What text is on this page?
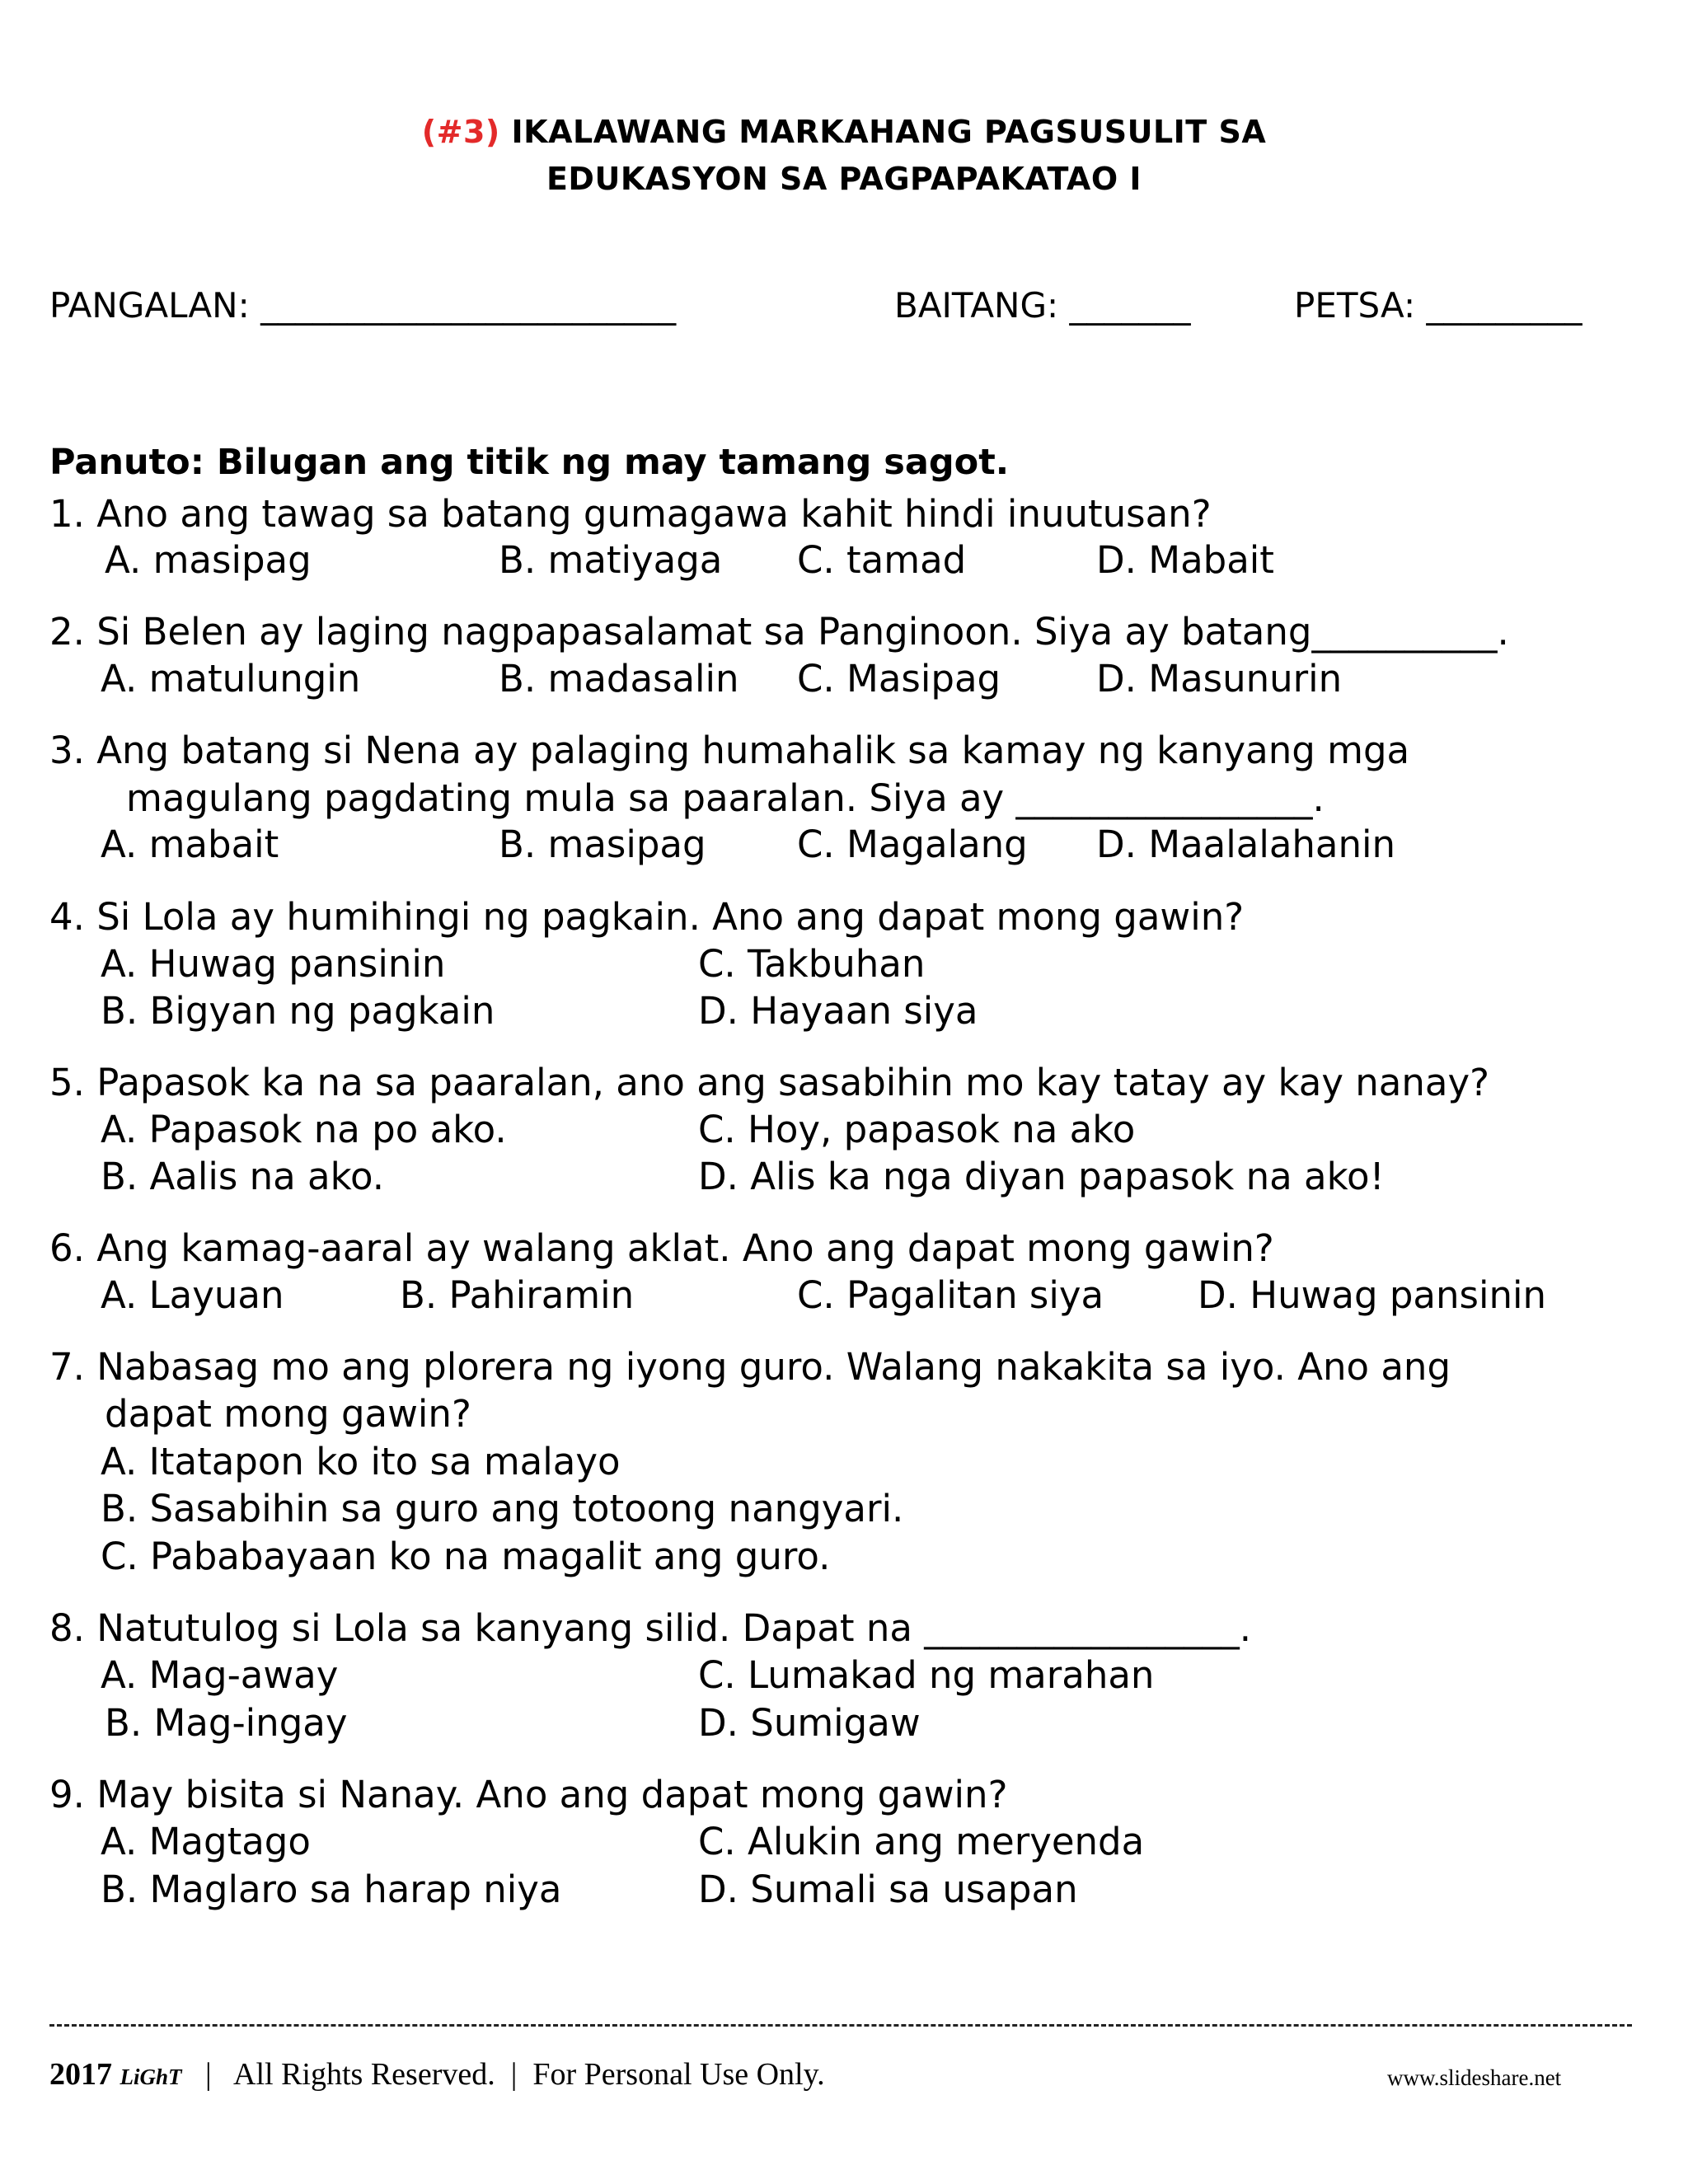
(#3) IKALAWANG MARKAHANG PAGSUSULIT SA
EDUKASYON SA PAGPAPAKATAO I
PANGALAN: ________________________	BAITANG: _______	PETSA: _________
Panuto: Bilugan ang titik ng may tamang sagot.
1. Ano ang tawag sa batang gumagawa kahit hindi inuutusan?
A. masipag	B. matiyaga C. tamad	D. Mabait
2. Si Belen ay laging nagpapasalamat sa Panginoon. Siya ay batang__________.
A. matulungin	B. madasalin C. Masipag	D. Masunurin
3. Ang batang si Nena ay palaging humahalik sa kamay ng kanyang mga
magulang pagdating mula sa paaralan. Siya ay ________________.
A. mabait	B. masipag C. Magalang D. Maalalahanin
4. Si Lola ay humihingi ng pagkain. Ano ang dapat mong gawin?
A. Huwag pansinin	C. Takbuhan
B. Bigyan ng pagkain	D. Hayaan siya
5. Papasok ka na sa paaralan, ano ang sasabihin mo kay tatay ay kay nanay?
A. Papasok na po ako.	C. Hoy, papasok na ako
B. Aalis na ako.	D. Alis ka nga diyan papasok na ako!
6. Ang kamag-aaral ay walang aklat. Ano ang dapat mong gawin?
A. Layuan	B. Pahiramin	C. Pagalitan siya	D. Huwag pansinin
7. Nabasag mo ang plorera ng iyong guro. Walang nakakita sa iyo. Ano ang
dapat mong gawin?
A. Itatapon ko ito sa malayo
B. Sasabihin sa guro ang totoong nangyari.
C. Pababayaan ko na magalit ang guro.
8. Natutulog si Lola sa kanyang silid. Dapat na _________________.
A. Mag-away	C. Lumakad ng marahan
B. Mag-ingay	D. Sumigaw
9. May bisita si Nanay. Ano ang dapat mong gawin?
A. Magtago	C. Alukin ang meryenda
B. Maglaro sa harap niya	D. Sumali sa usapan
2017 LiGhT | All Rights Reserved. | For Personal Use Only.	www.slideshare.net
